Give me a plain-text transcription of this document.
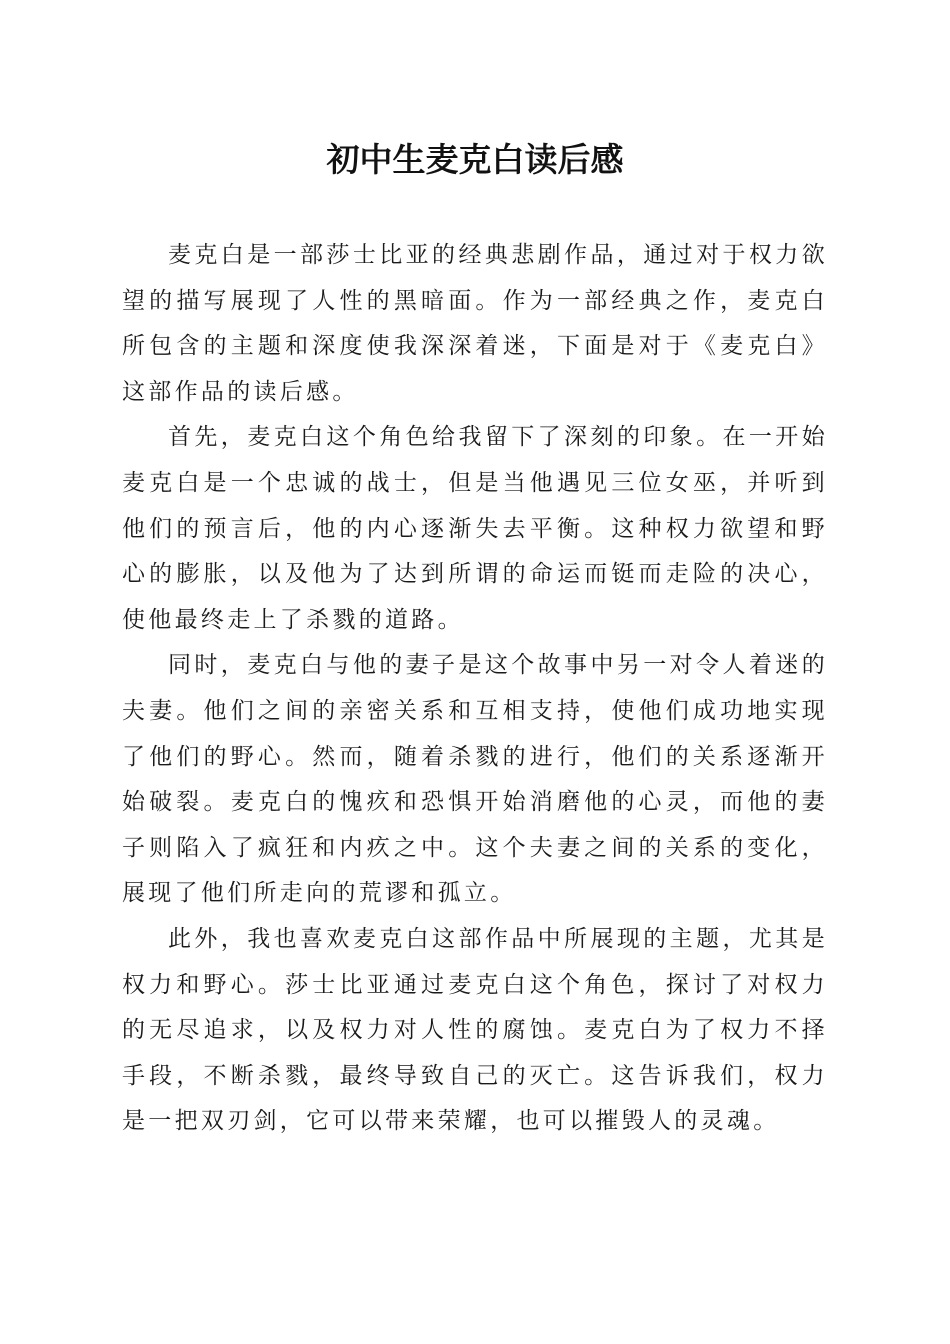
初中生麦克白读后感

麦克白是一部莎士比亚的经典悲剧作品，通过对于权力欲望的描写展现了人性的黑暗面。作为一部经典之作，麦克白所包含的主题和深度使我深深着迷，下面是对于《麦克白》这部作品的读后感。

首先，麦克白这个角色给我留下了深刻的印象。在一开始麦克白是一个忠诚的战士，但是当他遇见三位女巫，并听到他们的预言后，他的内心逐渐失去平衡。这种权力欲望和野心的膨胀，以及他为了达到所谓的命运而铤而走险的决心，使他最终走上了杀戮的道路。

同时，麦克白与他的妻子是这个故事中另一对令人着迷的夫妻。他们之间的亲密关系和互相支持，使他们成功地实现了他们的野心。然而，随着杀戮的进行，他们的关系逐渐开始破裂。麦克白的愧疚和恐惧开始消磨他的心灵，而他的妻子则陷入了疯狂和内疚之中。这个夫妻之间的关系的变化，展现了他们所走向的荒谬和孤立。

此外，我也喜欢麦克白这部作品中所展现的主题，尤其是权力和野心。莎士比亚通过麦克白这个角色，探讨了对权力的无尽追求，以及权力对人性的腐蚀。麦克白为了权力不择手段，不断杀戮，最终导致自己的灭亡。这告诉我们，权力是一把双刃剑，它可以带来荣耀，也可以摧毁人的灵魂。
